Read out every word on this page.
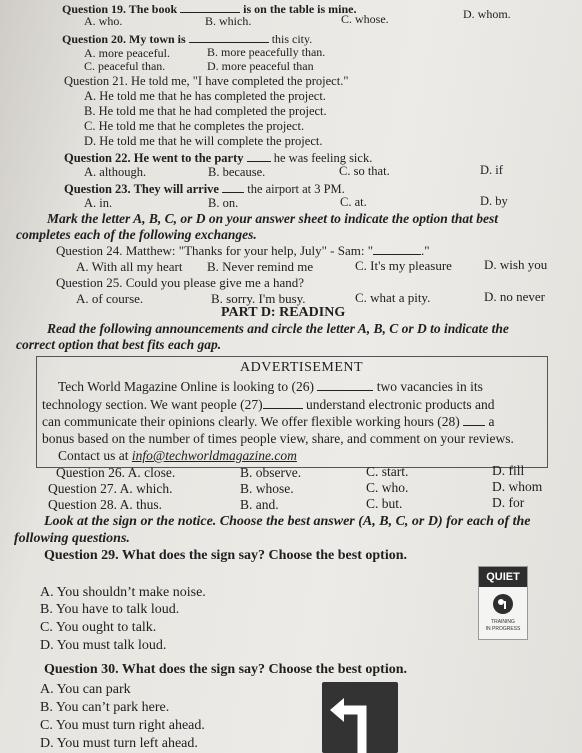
Question 19. The book	is on the table is mine.
A. who.	B. which.	C. whose.	D. whom.
Question 20. My town is	this city.
A. more peaceful.	B. more peacefully than.
C. peaceful than.	D. more peaceful than
Question 21. He told me, "I have completed the project."
A. He told me that he has completed the project.
B. He told me that he had completed the project.
C. He told me that he completes the project.
D. He told me that he will complete the project.
Question 22. He went to the party he was feeling sick.
A. although.	B. because.	C. so that.	D. if
Question 23. They will arrive the airport at 3 PM.
A. in.	B. on.	C. at.	D. by
Mark the letter A, B, C, or D on your answer sheet to indicate the option that best
completes each of the following exchanges.
Question 24. Matthew: "Thanks for your help, July" - Sam: "	."
A. With all my heart B. Never remind me	C. It's my pleasure D. wish you
Question 25. Could you please give me a hand?
A. of course.	B. sorry. I'm busy.	C. what a pity.	D. no never
PART D: READING
Read the following announcements and circle the letter A, B, C or D to indicate the
correct option that best fits each gap.
ADVERTISEMENT
Tech World Magazine Online is looking to (26)	two vacancies in its
technology section. We want people (27)	understand electronic products and
can communicate their opinions clearly. We offer flexible working hours (28) a
bonus based on the number of times people view, share, and comment on your reviews.
Contact us at info@techworldmagazine.com
Question 26. A. close.	B. observe.	C. start.	D. fill
Question 27. A. which.	B. whose.	C. who.	D. whom
Question 28. A. thus.	B. and.	C. but.	D. for
Look at the sign or the notice. Choose the best answer (A, B, C, or D) for each of the
following questions.
Question 29. What does the sign say? Choose the best option.
A. You shouldn’t make noise.
B. You have to talk loud.
C. You ought to talk.
D. You must talk loud.
QUIET
TRAINING
IN PROGRESS
Question 30. What does the sign say? Choose the best option.
A. You can park
B. You can’t park here.
C. You must turn right ahead.
D. You must turn left ahead.
